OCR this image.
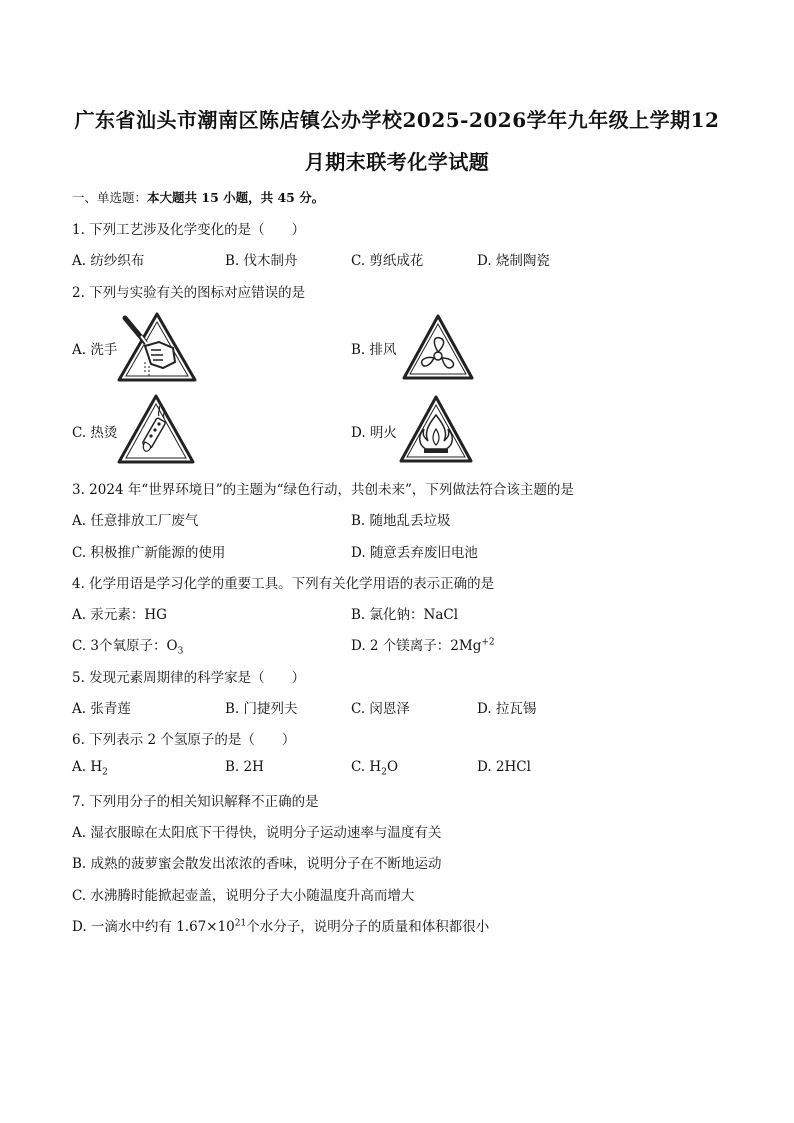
广东省汕头市潮南区陈店镇公办学校2025-2026学年九年级上学期12
月期末联考化学试题
一、单选题：本大题共 15 小题，共 45 分。
1. 下列工艺涉及化学变化的是（　　）
A. 纺纱织布	B. 伐木制舟	C. 剪纸成花	D. 烧制陶瓷
2. 下列与实验有关的图标对应错误的是
A. 洗手	B. 排风
C. 热烫	D. 明火
3. 2024 年“世界环境日”的主题为“绿色行动，共创未来”，下列做法符合该主题的是
A. 任意排放工厂废气	B. 随地乱丢垃圾
C. 积极推广新能源的使用	D. 随意丢弃废旧电池
4. 化学用语是学习化学的重要工具。下列有关化学用语的表示正确的是
A. 汞元素：HG	B. 氯化钠：NaCl
C. 3个氧原子：$O_3$	D. 2 个镁离子：$2Mg^{+2}$
5. 发现元素周期律的科学家是（　　）
A. 张青莲	B. 门捷列夫	C. 闵恩泽	D. 拉瓦锡
6. 下列表示 2 个氢原子的是（　　）
A. $H_2$	B. 2H	C. $H_2O$	D. 2HCl
7. 下列用分子的相关知识解释不正确的是
A. 湿衣服晾在太阳底下干得快，说明分子运动速率与温度有关
B. 成熟的菠萝蜜会散发出浓浓的香味，说明分子在不断地运动
C. 水沸腾时能掀起壶盖，说明分子大小随温度升高而增大
D. 一滴水中约有 $1.67\times 10^{21}$个水分子，说明分子的质量和体积都很小
